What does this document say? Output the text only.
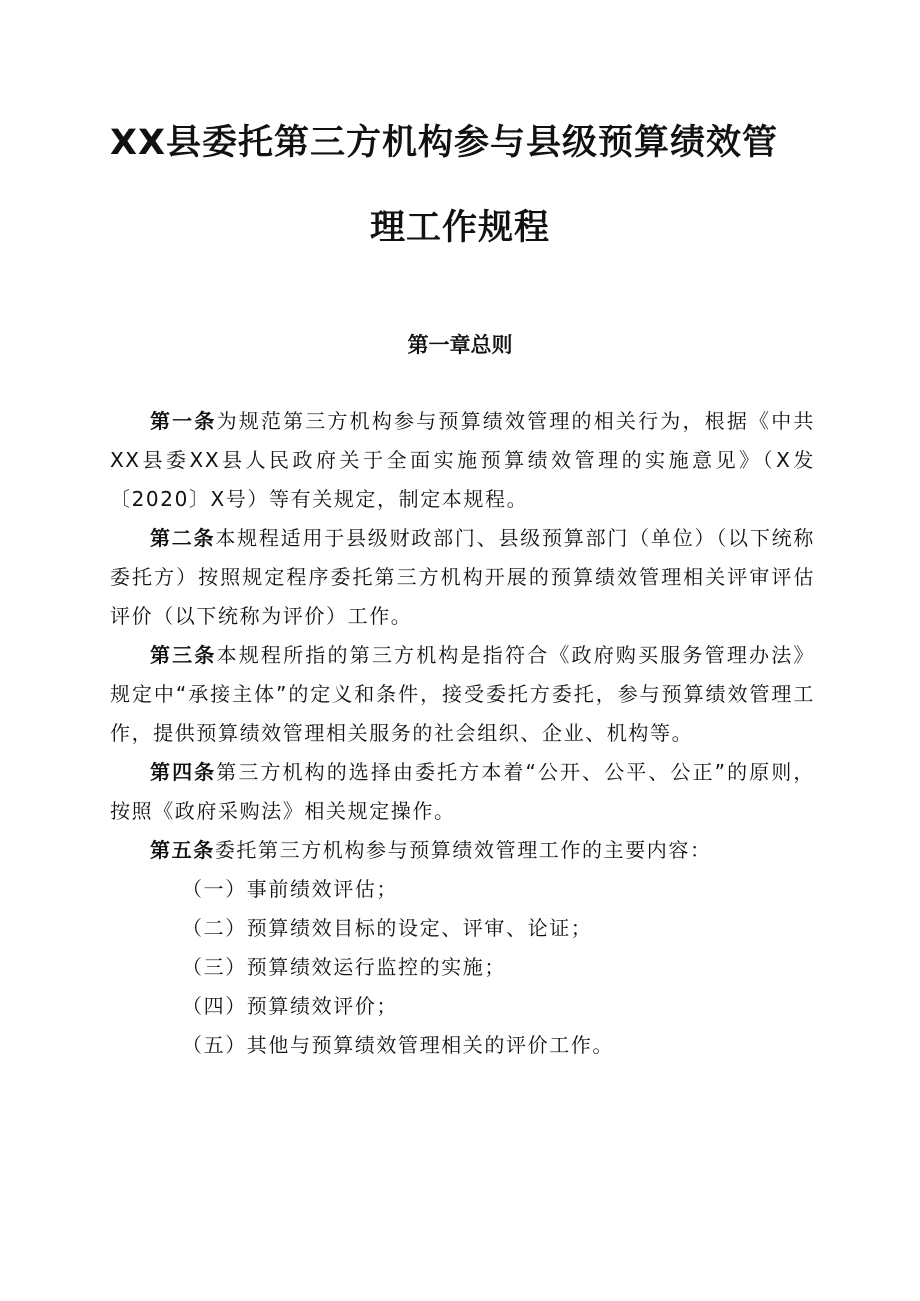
XX县委托第三方机构参与县级预算绩效管
理工作规程
第一章总则

第一条为规范第三方机构参与预算绩效管理的相关行为，根据《中共XX县委XX县人民政府关于全面实施预算绩效管理的实施意见》（X发〔2020〕X号）等有关规定，制定本规程。

第二条本规程适用于县级财政部门、县级预算部门（单位）（以下统称委托方）按照规定程序委托第三方机构开展的预算绩效管理相关评审评估评价（以下统称为评价）工作。

第三条本规程所指的第三方机构是指符合《政府购买服务管理办法》规定中“承接主体”的定义和条件，接受委托方委托，参与预算绩效管理工作，提供预算绩效管理相关服务的社会组织、企业、机构等。

第四条第三方机构的选择由委托方本着“公开、公平、公正”的原则，按照《政府采购法》相关规定操作。

第五条委托第三方机构参与预算绩效管理工作的主要内容：

（一）事前绩效评估；

（二）预算绩效目标的设定、评审、论证；

（三）预算绩效运行监控的实施；

（四）预算绩效评价；

（五）其他与预算绩效管理相关的评价工作。
